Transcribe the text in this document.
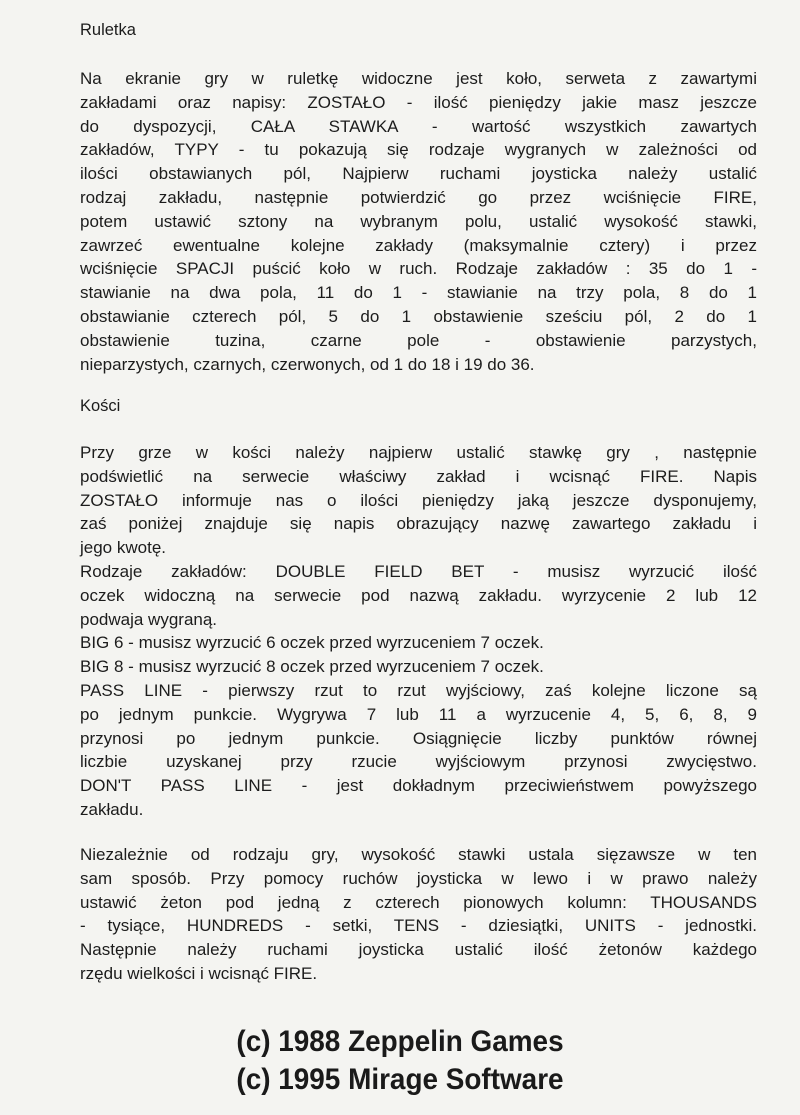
Ruletka
Na ekranie gry w ruletkę widoczne jest koło, serweta z zawartymi
zakładami oraz napisy: ZOSTAŁO - ilość pieniędzy jakie masz jeszcze
do dyspozycji, CAŁA STAWKA - wartość wszystkich zawartych
zakładów, TYPY - tu pokazują się rodzaje wygranych w zależności od
ilości obstawianych pól, Najpierw ruchami joysticka należy ustalić
rodzaj zakładu, następnie potwierdzić go przez wciśnięcie FIRE,
potem ustawić sztony na wybranym polu, ustalić wysokość stawki,
zawrzeć ewentualne kolejne zakłady (maksymalnie cztery) i przez
wciśnięcie SPACJI puścić koło w ruch. Rodzaje zakładów : 35 do 1 -
stawianie na dwa pola, 11 do 1 - stawianie na trzy pola, 8 do 1
obstawianie czterech pól, 5 do 1 obstawienie sześciu pól, 2 do 1
obstawienie tuzina, czarne pole - obstawienie parzystych,
nieparzystych, czarnych, czerwonych, od 1 do 18 i 19 do 36.
Kości
Przy grze w kości należy najpierw ustalić stawkę gry , następnie
podświetlić na serwecie właściwy zakład i wcisnąć FIRE. Napis
ZOSTAŁO informuje nas o ilości pieniędzy jaką jeszcze dysponujemy,
zaś poniżej znajduje się napis obrazujący nazwę zawartego zakładu i
jego kwotę.
Rodzaje zakładów: DOUBLE FIELD BET - musisz wyrzucić ilość
oczek widoczną na serwecie pod nazwą zakładu. wyrzycenie 2 lub 12
podwaja wygraną.
BIG 6 - musisz wyrzucić 6 oczek przed wyrzuceniem 7 oczek.
BIG 8 - musisz wyrzucić 8 oczek przed wyrzuceniem 7 oczek.
PASS LINE - pierwszy rzut to rzut wyjściowy, zaś kolejne liczone są
po jednym punkcie. Wygrywa 7 lub 11 a wyrzucenie 4, 5, 6, 8, 9
przynosi po jednym punkcie. Osiągnięcie liczby punktów równej
liczbie uzyskanej przy rzucie wyjściowym przynosi zwycięstwo.
DON'T PASS LINE - jest dokładnym przeciwieństwem powyższego
zakładu.
Niezależnie od rodzaju gry, wysokość stawki ustala sięzawsze w ten
sam sposób. Przy pomocy ruchów joysticka w lewo i w prawo należy
ustawić żeton pod jedną z czterech pionowych kolumn: THOUSANDS
- tysiące, HUNDREDS - setki, TENS - dziesiątki, UNITS - jednostki.
Następnie należy ruchami joysticka ustalić ilość żetonów każdego
rzędu wielkości i wcisnąć FIRE.
(c) 1988 Zeppelin Games
(c) 1995 Mirage Software
